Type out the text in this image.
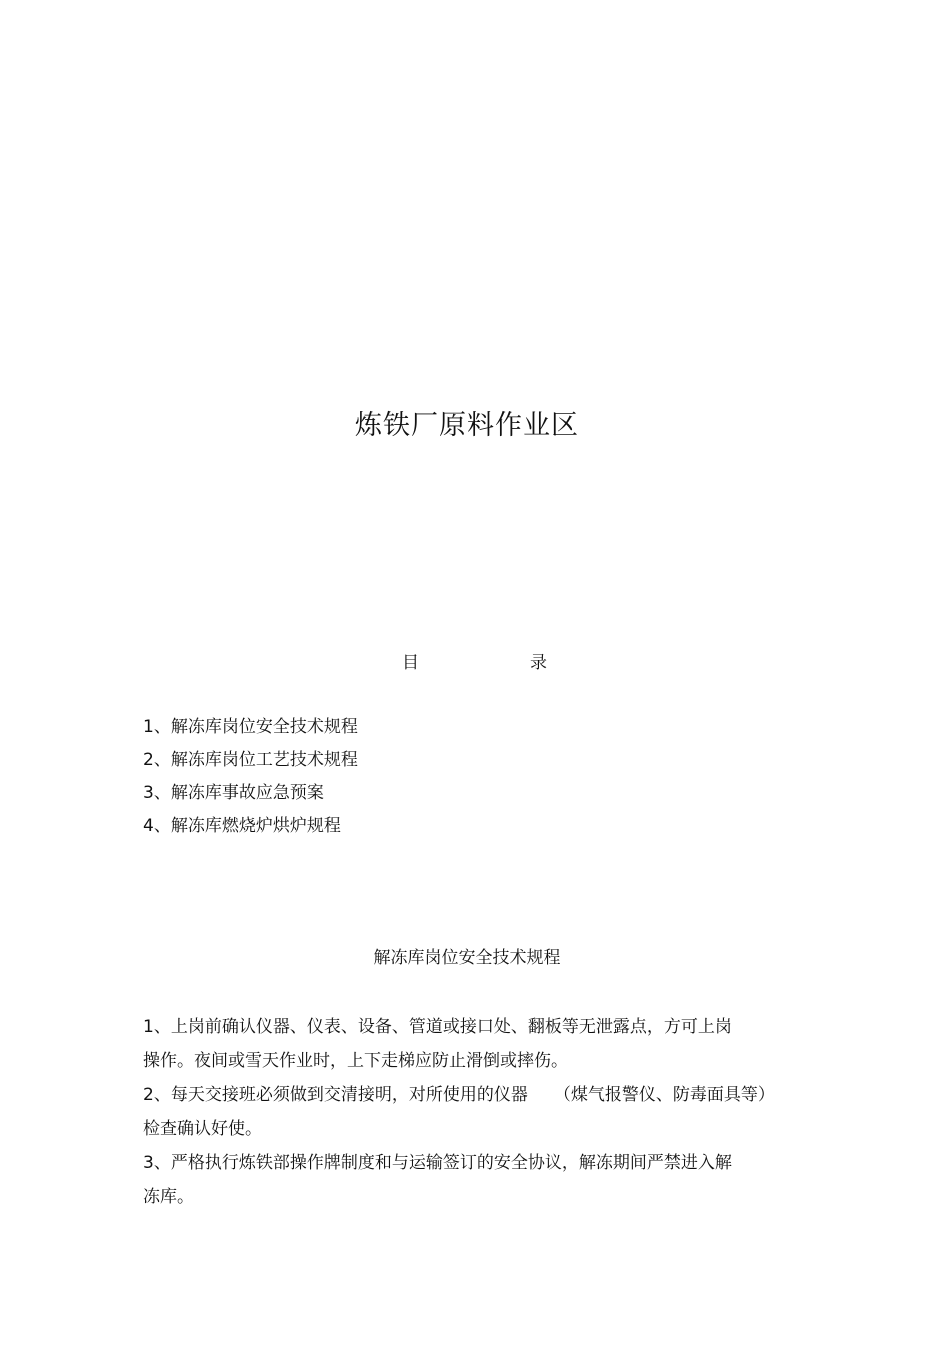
炼铁厂原料作业区
目	录
1、解冻库岗位安全技术规程
2、解冻库岗位工艺技术规程
3、解冻库事故应急预案
4、解冻库燃烧炉烘炉规程
解冻库岗位安全技术规程
1、上岗前确认仪器、仪表、设备、管道或接口处、翻板等无泄露点，方可上岗
操作。夜间或雪天作业时，上下走梯应防止滑倒或摔伤。
2、每天交接班必须做到交清接明，对所使用的仪器 （煤气报警仪、防毒面具等）
检查确认好使。
3、严格执行炼铁部操作牌制度和与运输签订的安全协议，解冻期间严禁进入解
冻库。
